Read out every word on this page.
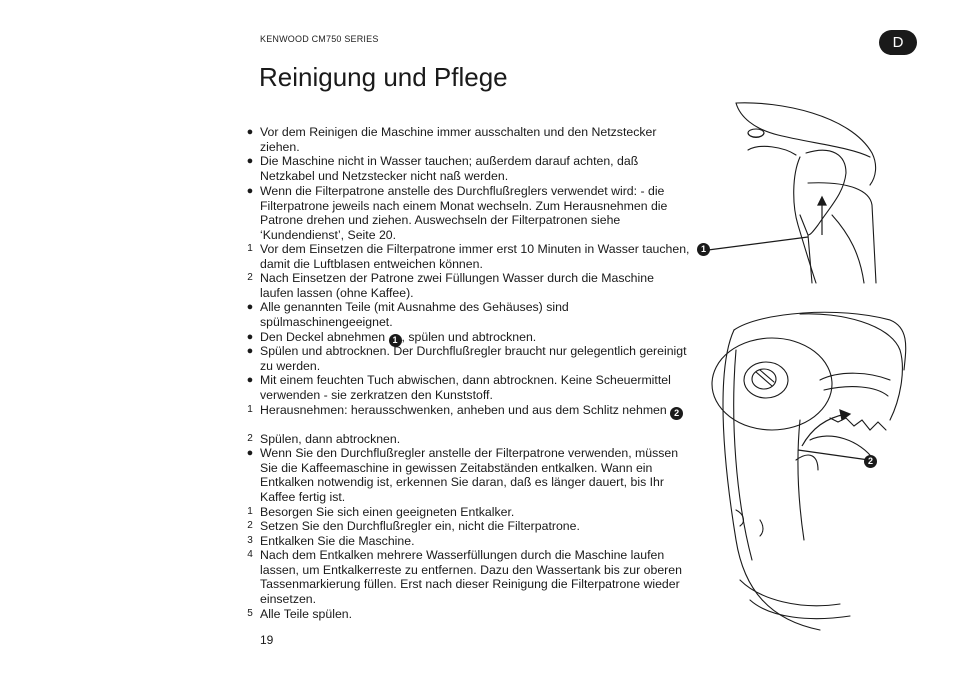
KENWOOD CM750 SERIES	D
Reinigung und Pflege
● Vor dem Reinigen die Maschine immer ausschalten und den Netzstecker ziehen.
● Die Maschine nicht in Wasser tauchen; außerdem darauf achten, daß Netzkabel und Netzstecker nicht naß werden.
● Wenn die Filterpatrone anstelle des Durchflußreglers verwendet wird: - die Filterpatrone jeweils nach einem Monat wechseln. Zum Herausnehmen die Patrone drehen und ziehen. Auswechseln der Filterpatronen siehe ‘Kundendienst’, Seite 20.
1 Vor dem Einsetzen die Filterpatrone immer erst 10 Minuten in Wasser tauchen, damit die Luftblasen entweichen können.
2 Nach Einsetzen der Patrone zwei Füllungen Wasser durch die Maschine laufen lassen (ohne Kaffee).
● Alle genannten Teile (mit Ausnahme des Gehäuses) sind spülmaschinengeeignet.
● Den Deckel abnehmen 1 , spülen und abtrocknen.
● Spülen und abtrocknen. Der Durchflußregler braucht nur gelegentlich gereinigt zu werden.
● Mit einem feuchten Tuch abwischen, dann abtrocknen. Keine Scheuermittel verwenden - sie zerkratzen den Kunststoff.
1 Herausnehmen: herausschwenken, anheben und aus dem Schlitz nehmen 2
2 Spülen, dann abtrocknen.
● Wenn Sie den Durchflußregler anstelle der Filterpatrone verwenden, müssen Sie die Kaffeemaschine in gewissen Zeitabständen entkalken. Wann ein Entkalken notwendig ist, erkennen Sie daran, daß es länger dauert, bis Ihr Kaffee fertig ist.
1 Besorgen Sie sich einen geeigneten Entkalker.
2 Setzen Sie den Durchflußregler ein, nicht die Filterpatrone.
3 Entkalken Sie die Maschine.
4 Nach dem Entkalken mehrere Wasserfüllungen durch die Maschine laufen lassen, um Entkalkerreste zu entfernen. Dazu den Wassertank bis zur oberen Tassenmarkierung füllen. Erst nach dieser Reinigung die Filterpatrone wieder einsetzen.
5 Alle Teile spülen.
1
2
19
